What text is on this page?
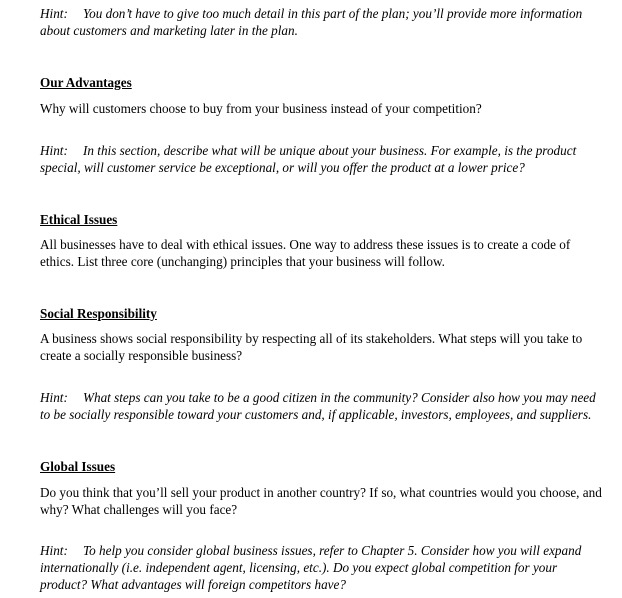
Hint: You don’t have to give too much detail in this part of the plan; you’ll provide more information about customers and marketing later in the plan.

Our Advantages

Why will customers choose to buy from your business instead of your competition?

Hint: In this section, describe what will be unique about your business. For example, is the product special, will customer service be exceptional, or will you offer the product at a lower price?

Ethical Issues

All businesses have to deal with ethical issues. One way to address these issues is to create a code of ethics. List three core (unchanging) principles that your business will follow.

Social Responsibility

A business shows social responsibility by respecting all of its stakeholders. What steps will you take to create a socially responsible business?

Hint: What steps can you take to be a good citizen in the community? Consider also how you may need to be socially responsible toward your customers and, if applicable, investors, employees, and suppliers.

Global Issues

Do you think that you’ll sell your product in another country? If so, what countries would you choose, and why? What challenges will you face?

Hint: To help you consider global business issues, refer to Chapter 5. Consider how you will expand internationally (i.e. independent agent, licensing, etc.). Do you expect global competition for your product? What advantages will foreign competitors have?
